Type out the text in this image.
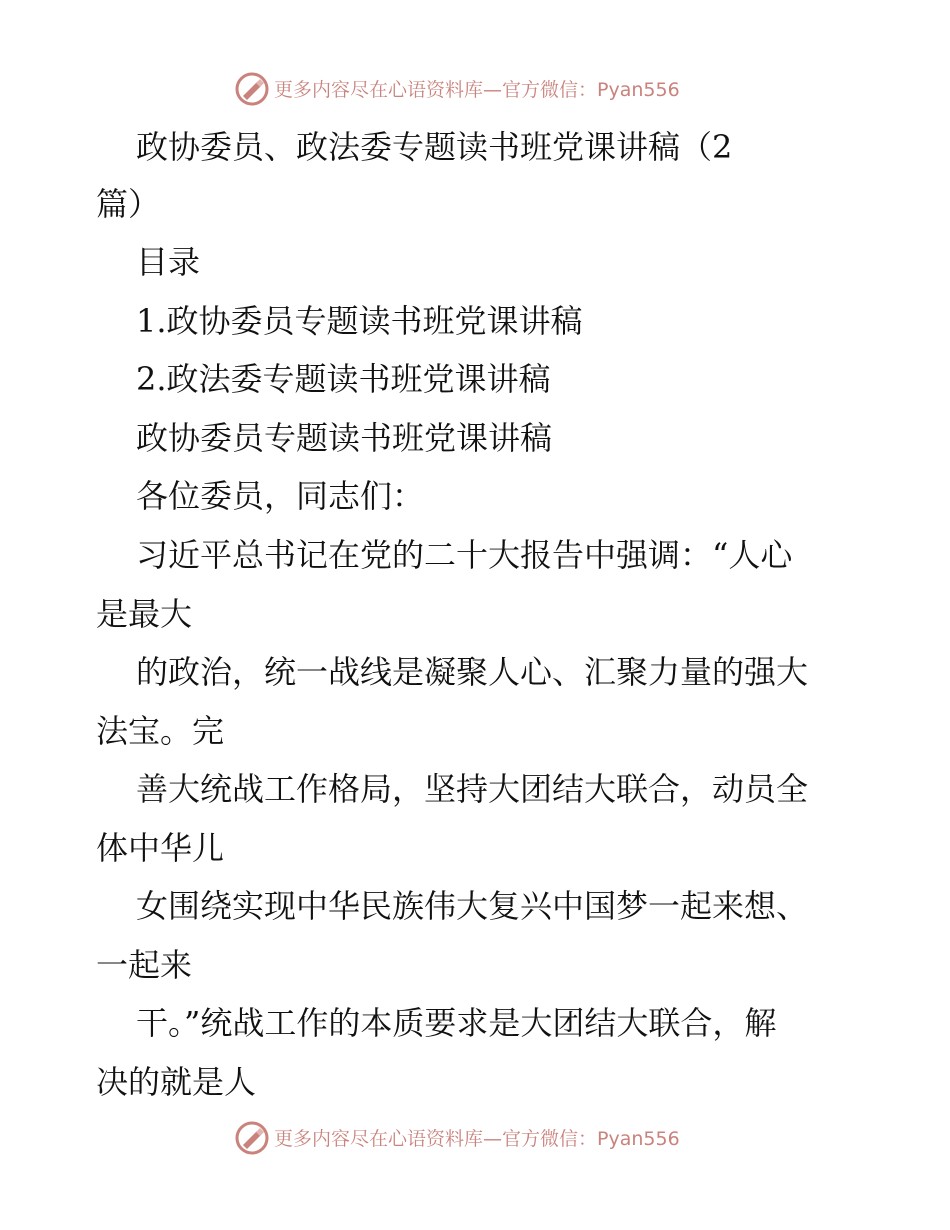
更多内容尽在心语资料库—官方微信：Pyan556
政协委员、政法委专题读书班党课讲稿（2
篇）
目录
1.政协委员专题读书班党课讲稿
2.政法委专题读书班党课讲稿
政协委员专题读书班党课讲稿
各位委员，同志们：
习近平总书记在党的二十大报告中强调：“人心
是最大
的政治，统一战线是凝聚人心、汇聚力量的强大
法宝。完
善大统战工作格局，坚持大团结大联合，动员全
体中华儿
女围绕实现中华民族伟大复兴中国梦一起来想、
一起来
干。”统战工作的本质要求是大团结大联合，解
决的就是人
更多内容尽在心语资料库—官方微信：Pyan556
